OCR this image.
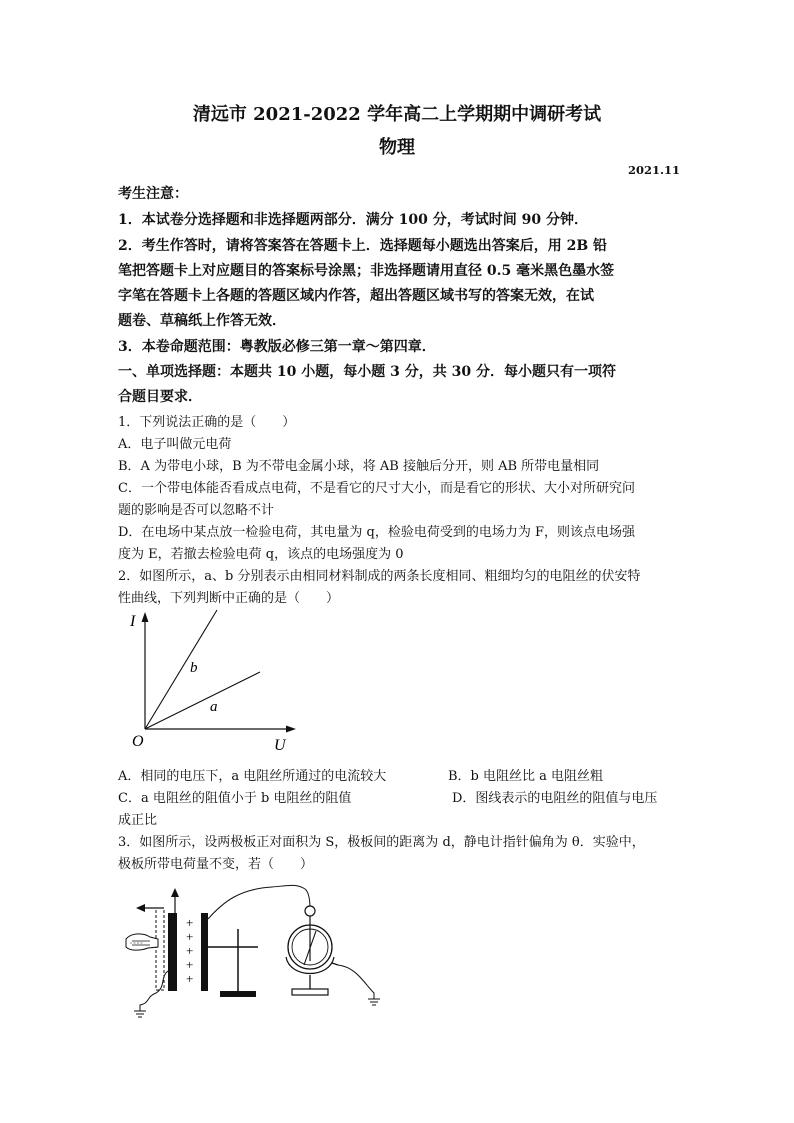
清远市 2021-2022 学年高二上学期期中调研考试
物理
2021.11
考生注意：
1．本试卷分选择题和非选择题两部分．满分 100 分，考试时间 90 分钟．
2．考生作答时，请将答案答在答题卡上．选择题每小题选出答案后，用 2B 铅
笔把答题卡上对应题目的答案标号涂黑；非选择题请用直径 0.5 毫米黑色墨水签
字笔在答题卡上各题的答题区域内作答，超出答题区域书写的答案无效，在试
题卷、草稿纸上作答无效．
3．本卷命题范围：粤教版必修三第一章～第四章．
一、单项选择题：本题共 10 小题，每小题 3 分，共 30 分．每小题只有一项符
合题目要求．
1．下列说法正确的是（　　）
A．电子叫做元电荷
B．A 为带电小球，B 为不带电金属小球，将 AB 接触后分开，则 AB 所带电量相同
C．一个带电体能否看成点电荷，不是看它的尺寸大小，而是看它的形状、大小对所研究问
题的影响是否可以忽略不计
D．在电场中某点放一检验电荷，其电量为 q，检验电荷受到的电场力为 F，则该点电场强
度为 E，若撤去检验电荷 q，该点的电场强度为 0
2．如图所示，a、b 分别表示由相同材料制成的两条长度相同、粗细均匀的电阻丝的伏安特
性曲线，下列判断中正确的是（　　）
I
U
O
b
a
A．相同的电压下，a 电阻丝所通过的电流较大	B．b 电阻丝比 a 电阻丝粗
C．a 电阻丝的阻值小于 b 电阻丝的阻值	D．图线表示的电阻丝的阻值与电压
成正比
3．如图所示，设两极板正对面积为 S，极板间的距离为 d，静电计指针偏角为 θ．实验中，
极板所带电荷量不变，若（　　）
+
+
+
+
+
